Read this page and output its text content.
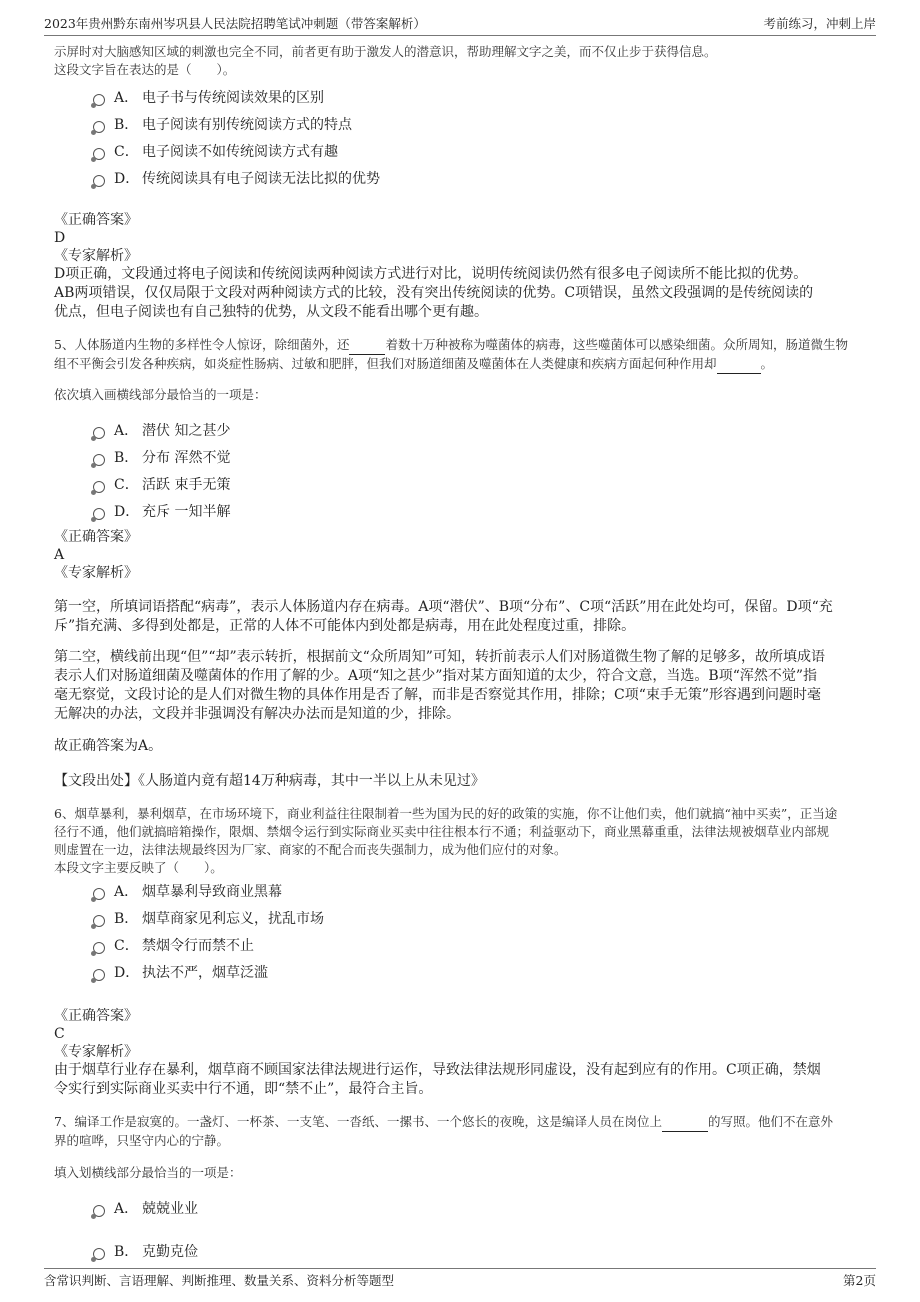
2023年贵州黔东南州岑巩县人民法院招聘笔试冲刺题（带答案解析）	考前练习，冲刺上岸
示屏时对大脑感知区域的刺激也完全不同，前者更有助于激发人的潜意识，帮助理解文字之美，而不仅止步于获得信息。
这段文字旨在表达的是（　　）。
A． 电子书与传统阅读效果的区别
B． 电子阅读有别传统阅读方式的特点
C． 电子阅读不如传统阅读方式有趣
D． 传统阅读具有电子阅读无法比拟的优势
《正确答案》
D
《专家解析》
D项正确，文段通过将电子阅读和传统阅读两种阅读方式进行对比，说明传统阅读仍然有很多电子阅读所不能比拟的优势。
AB两项错误，仅仅局限于文段对两种阅读方式的比较，没有突出传统阅读的优势。C项错误，虽然文段强调的是传统阅读的
优点，但电子阅读也有自己独特的优势，从文段不能看出哪个更有趣。
5、人体肠道内生物的多样性令人惊讶，除细菌外，还	着数十万种被称为噬菌体的病毒，这些噬菌体可以感染细菌。众所周知，肠道微生物
组不平衡会引发各种疾病，如炎症性肠病、过敏和肥胖，但我们对肠道细菌及噬菌体在人类健康和疾病方面起何种作用却	。
依次填入画横线部分最恰当的一项是：
A． 潜伏 知之甚少
B． 分布 浑然不觉
C． 活跃 束手无策
D． 充斥 一知半解
《正确答案》
A
《专家解析》
第一空，所填词语搭配“病毒”，表示人体肠道内存在病毒。A项“潜伏”、B项“分布”、C项“活跃”用在此处均可，保留。D项“充
斥”指充满、多得到处都是，正常的人体不可能体内到处都是病毒，用在此处程度过重，排除。
第二空，横线前出现“但”“却”表示转折，根据前文“众所周知”可知，转折前表示人们对肠道微生物了解的足够多，故所填成语
表示人们对肠道细菌及噬菌体的作用了解的少。A项“知之甚少”指对某方面知道的太少，符合文意，当选。B项“浑然不觉”指
毫无察觉，文段讨论的是人们对微生物的具体作用是否了解，而非是否察觉其作用，排除；C项“束手无策”形容遇到问题时毫
无解决的办法，文段并非强调没有解决办法而是知道的少，排除。
故正确答案为A。
【文段出处】《人肠道内竟有超14万种病毒，其中一半以上从未见过》
6、烟草暴利，暴利烟草，在市场环境下，商业利益往往限制着一些为国为民的好的政策的实施，你不让他们卖，他们就搞“袖中买卖”，正当途
径行不通，他们就搞暗箱操作，限烟、禁烟令运行到实际商业买卖中往往根本行不通；利益驱动下，商业黑幕重重，法律法规被烟草业内部规
则虚置在一边，法律法规最终因为厂家、商家的不配合而丧失强制力，成为他们应付的对象。
本段文字主要反映了（　　）。
A． 烟草暴利导致商业黑幕
B． 烟草商家见利忘义，扰乱市场
C． 禁烟令行而禁不止
D． 执法不严，烟草泛滥
《正确答案》
C
《专家解析》
由于烟草行业存在暴利，烟草商不顾国家法律法规进行运作，导致法律法规形同虚设，没有起到应有的作用。C项正确，禁烟
令实行到实际商业买卖中行不通，即“禁不止”，最符合主旨。
7、编译工作是寂寞的。一盏灯、一杯茶、一支笔、一沓纸、一摞书、一个悠长的夜晚，这是编译人员在岗位上	的写照。他们不在意外
界的喧哗，只坚守内心的宁静。
填入划横线部分最恰当的一项是：
A． 兢兢业业
B． 克勤克俭
含常识判断、言语理解、判断推理、数量关系、资料分析等题型	第2页
